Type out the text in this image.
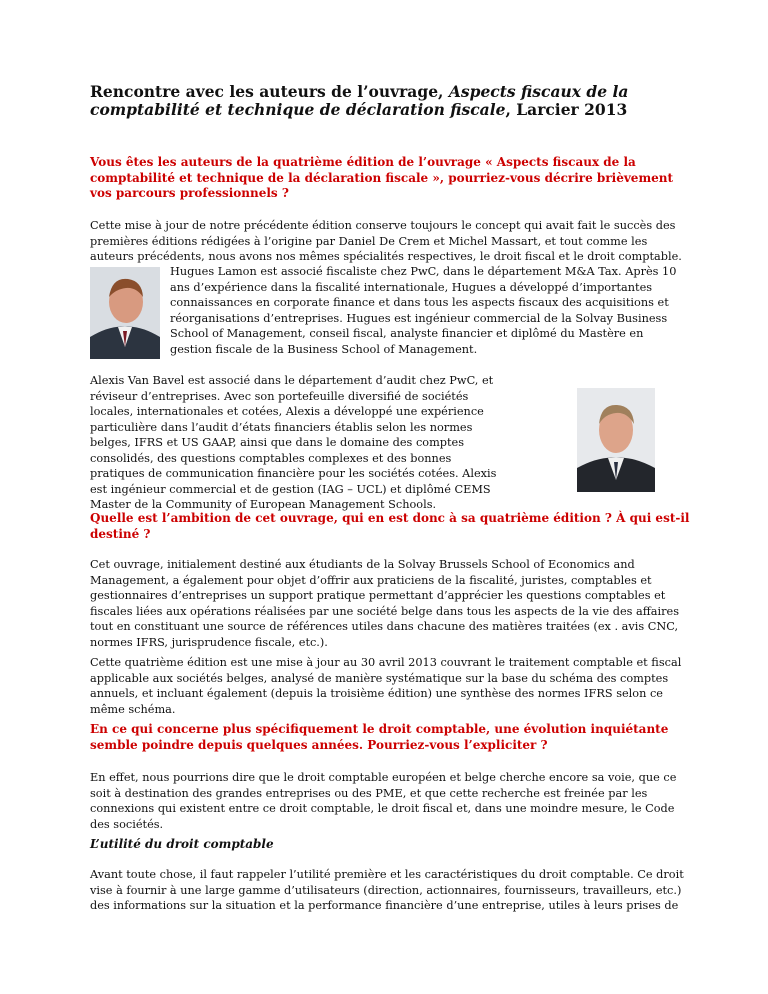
Rencontre avec les auteurs de l’ouvrage, Aspects fiscaux de la comptabilité et technique de déclaration fiscale, Larcier 2013
Vous êtes les auteurs de la quatrième édition de l’ouvrage « Aspects fiscaux de la comptabilité et technique de la déclaration fiscale », pourriez-vous décrire brièvement vos parcours professionnels ?
Cette mise à jour de notre précédente édition conserve toujours le concept qui avait fait le succès des premières éditions rédigées à l’origine par Daniel De Crem et Michel Massart, et tout comme les auteurs précédents, nous avons nos mêmes spécialités respectives, le droit fiscal et le droit comptable.
Hugues Lamon est associé fiscaliste chez PwC, dans le département M&A Tax. Après 10 ans d’expérience dans la fiscalité internationale, Hugues a développé d’importantes connaissances en corporate finance et dans tous les aspects fiscaux des acquisitions et réorganisations d’entreprises. Hugues est ingénieur commercial de la Solvay Business School of Management, conseil fiscal, analyste financier et diplômé du Mastère en gestion fiscale de la Business School of Management.
Alexis Van Bavel est associé dans le département d’audit chez PwC, et réviseur d’entreprises. Avec son portefeuille diversifié de sociétés locales, internationales et cotées, Alexis a développé une expérience particulière dans l’audit d’états financiers établis selon les normes belges, IFRS et US GAAP, ainsi que dans le domaine des comptes consolidés, des questions comptables complexes et des bonnes pratiques de communication financière pour les sociétés cotées. Alexis est ingénieur commercial et de gestion (IAG – UCL) et diplômé CEMS Master de la Community of European Management Schools.
Quelle est l’ambition de cet ouvrage, qui en est donc à sa quatrième édition ? À qui est-il destiné ?
Cet ouvrage, initialement destiné aux étudiants de la Solvay Brussels School of Economics and Management, a également pour objet d’offrir aux praticiens de la fiscalité, juristes, comptables et gestionnaires d’entreprises un support pratique permettant d’apprécier les questions comptables et fiscales liées aux opérations réalisées par une société belge dans tous les aspects de la vie des affaires tout en constituant une source de références utiles dans chacune des matières traitées (ex . avis CNC, normes IFRS, jurisprudence fiscale, etc.).
Cette quatrième édition est une mise à jour au 30 avril 2013 couvrant le traitement comptable et fiscal applicable aux sociétés belges, analysé de manière systématique sur la base du schéma des comptes annuels, et incluant également (depuis la troisième édition) une synthèse des normes IFRS selon ce même schéma.
En ce qui concerne plus spécifiquement le droit comptable, une évolution inquiétante semble poindre depuis quelques années. Pourriez-vous l’expliciter ?
En effet, nous pourrions dire que le droit comptable européen et belge cherche encore sa voie, que ce soit à destination des grandes entreprises ou des PME, et que cette recherche est freinée par les connexions qui existent entre ce droit comptable, le droit fiscal et, dans une moindre mesure, le Code des sociétés.
L’utilité du droit comptable
Avant toute chose, il faut rappeler l’utilité première et les caractéristiques du droit comptable. Ce droit vise à fournir à une large gamme d’utilisateurs (direction, actionnaires, fournisseurs, travailleurs, etc.) des informations sur la situation et la performance financière d’une entreprise, utiles à leurs prises de
